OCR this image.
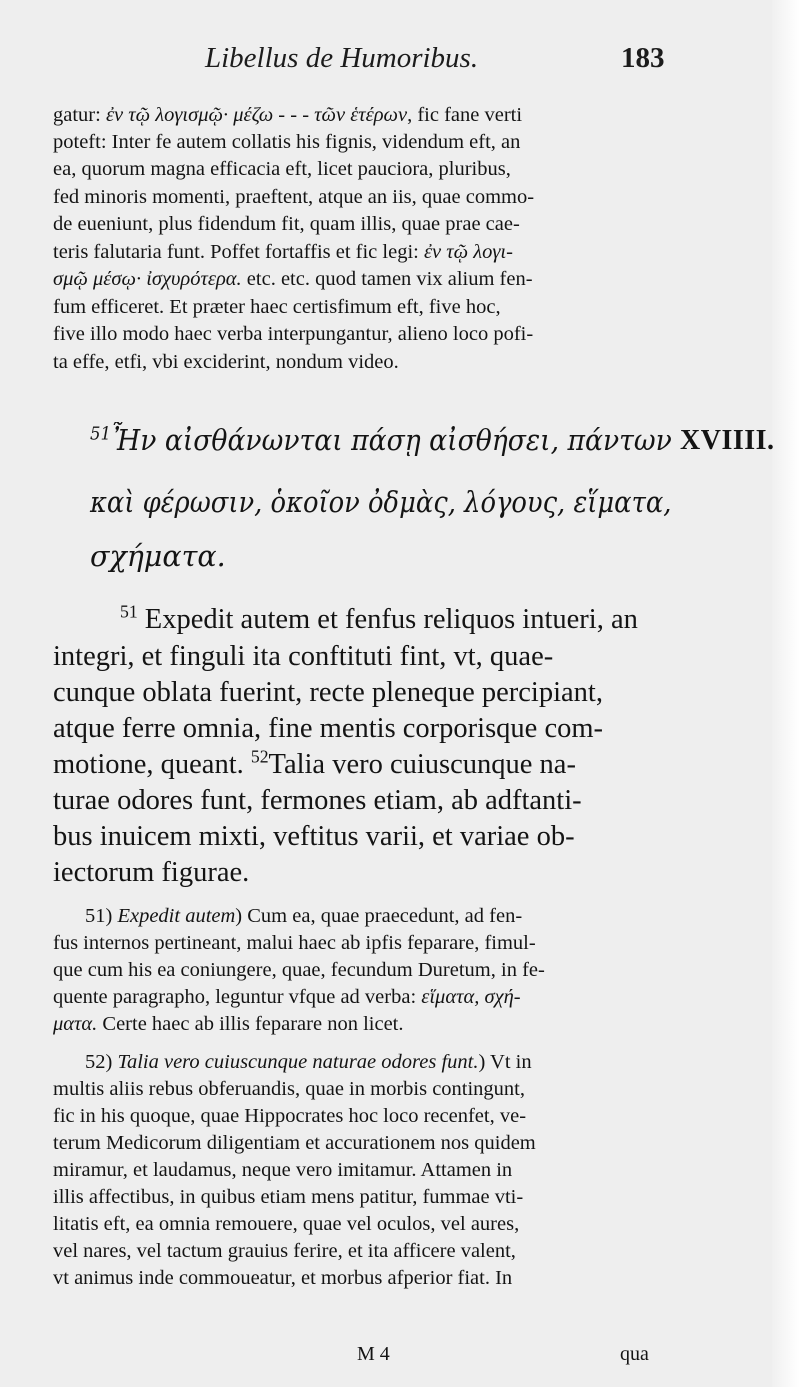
Libellus de Humoribus.	183
gatur: ἐν τῷ λογισμῷ· μέζω - - - τῶν ἑτέρων, fic fane verti
poteft: Inter fe autem collatis his fignis, videndum eft, an
ea, quorum magna efficacia eft, licet pauciora, pluribus,
fed minoris momenti, praeftent, atque an iis, quae commo-
de eueniunt, plus fidendum fit, quam illis, quae prae cae-
teris falutaria funt. Poffet fortaffis et fic legi: ἐν τῷ λογι-
σμῷ μέσῳ· ἰσχυρότερα. etc. etc. quod tamen vix alium fen-
fum efficeret. Et præter haec certisfimum eft, five hoc,
five illo modo haec verba interpungantur, alieno loco pofi-
ta effe, etfi, vbi exciderint, nondum video.
XVIIII.
$^{51}$Ἦν αἰσθάνωνται πάσῃ αἰσθήσει, πάντων
καὶ φέρωσιν, ὁκοῖον ὀδμὰς, λόγους, εἵματα,
σχήματα.
$^{51}$ Expedit autem et fenfus reliquos intueri, an
integri, et finguli ita conftituti fint, vt, quae-
cunque oblata fuerint, recte pleneque percipiant,
atque ferre omnia, fine mentis corporisque com-
motione, queant. $^{52}$Talia vero cuiuscunque na-
turae odores funt, fermones etiam, ab adftanti-
bus inuicem mixti, veftitus varii, et variae ob-
iectorum figurae.
51) Expedit autem) Cum ea, quae praecedunt, ad fen-
fus internos pertineant, malui haec ab ipfis feparare, fimul-
que cum his ea coniungere, quae, fecundum Duretum, in fe-
quente paragrapho, leguntur vfque ad verba: εἵματα, σχή-
ματα. Certe haec ab illis feparare non licet.
52) Talia vero cuiuscunque naturae odores funt.) Vt in
multis aliis rebus obferuandis, quae in morbis contingunt,
fic in his quoque, quae Hippocrates hoc loco recenfet, ve-
terum Medicorum diligentiam et accurationem nos quidem
miramur, et laudamus, neque vero imitamur. Attamen in
illis affectibus, in quibus etiam mens patitur, fummae vti-
litatis eft, ea omnia remouere, quae vel oculos, vel aures,
vel nares, vel tactum grauius ferire, et ita afficere valent,
vt animus inde commoueatur, et morbus afperior fiat. In
M 4	qua
